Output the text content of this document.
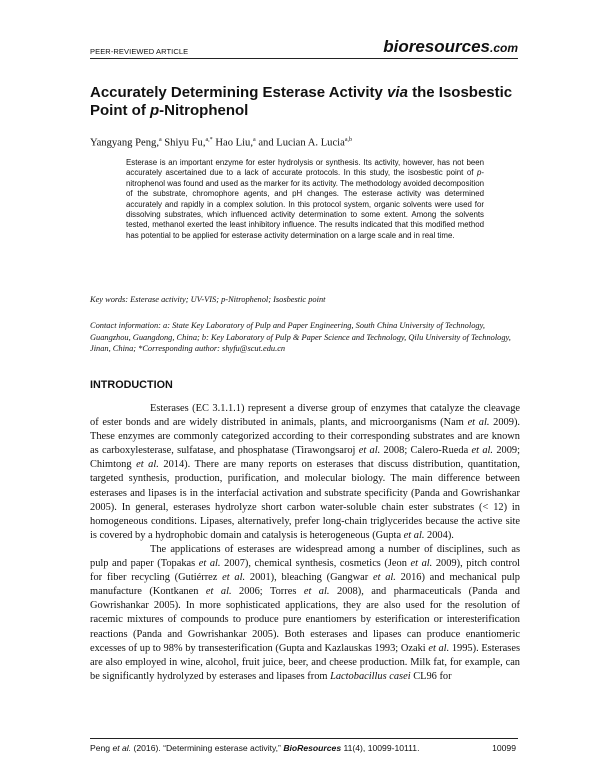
PEER-REVIEWED ARTICLE	bioresources.com
Accurately Determining Esterase Activity via the Isosbestic Point of p-Nitrophenol
Yangyang Peng,$^a$ Shiyu Fu,$^{a,*}$ Hao Liu,$^a$ and Lucian A. Lucia$^{a,b}$
Esterase is an important enzyme for ester hydrolysis or synthesis. Its activity, however, has not been accurately ascertained due to a lack of accurate protocols. In this study, the isosbestic point of p-nitrophenol was found and used as the marker for its activity. The methodology avoided decomposition of the substrate, chromophore agents, and pH changes. The esterase activity was determined accurately and rapidly in a complex solution. In this protocol system, organic solvents were used for dissolving substrates, which influenced activity determination to some extent. Among the solvents tested, methanol exerted the least inhibitory influence. The results indicated that this modified method has potential to be applied for esterase activity determination on a large scale and in real time.
Key words: Esterase activity; UV-VIS; p-Nitrophenol; Isosbestic point
Contact information: a: State Key Laboratory of Pulp and Paper Engineering, South China University of Technology, Guangzhou, Guangdong, China; b: Key Laboratory of Pulp & Paper Science and Technology, Qilu University of Technology, Jinan, China; *Corresponding author: shyfu@scut.edu.cn
INTRODUCTION

Esterases (EC 3.1.1.1) represent a diverse group of enzymes that catalyze the cleavage of ester bonds and are widely distributed in animals, plants, and microorganisms (Nam et al. 2009). These enzymes are commonly categorized according to their corresponding substrates and are known as carboxylesterase, sulfatase, and phosphatase (Tirawongsaroj et al. 2008; Calero-Rueda et al. 2009; Chimtong et al. 2014). There are many reports on esterases that discuss distribution, quantitation, targeted synthesis, production, purification, and molecular biology. The main difference between esterases and lipases is in the interfacial activation and substrate specificity (Panda and Gowrishankar 2005). In general, esterases hydrolyze short carbon water-soluble chain ester substrates (< 12) in homogeneous conditions. Lipases, alternatively, prefer long-chain triglycerides because the active site is covered by a hydrophobic domain and catalysis is heterogeneous (Gupta et al. 2004).

The applications of esterases are widespread among a number of disciplines, such as pulp and paper (Topakas et al. 2007), chemical synthesis, cosmetics (Jeon et al. 2009), pitch control for fiber recycling (Gutiérrez et al. 2001), bleaching (Gangwar et al. 2016) and mechanical pulp manufacture (Kontkanen et al. 2006; Torres et al. 2008), and pharmaceuticals (Panda and Gowrishankar 2005). In more sophisticated applications, they are also used for the resolution of racemic mixtures of compounds to produce pure enantiomers by esterification or interesterification reactions (Panda and Gowrishankar 2005). Both esterases and lipases can produce enantiomeric excesses of up to 98% by transesterification (Gupta and Kazlauskas 1993; Ozaki et al. 1995). Esterases are also employed in wine, alcohol, fruit juice, beer, and cheese production. Milk fat, for example, can be significantly hydrolyzed by esterases and lipases from Lactobacillus casei CL96 for

Peng et al. (2016). “Determining esterase activity,” BioResources 11(4), 10099-10111.	10099
